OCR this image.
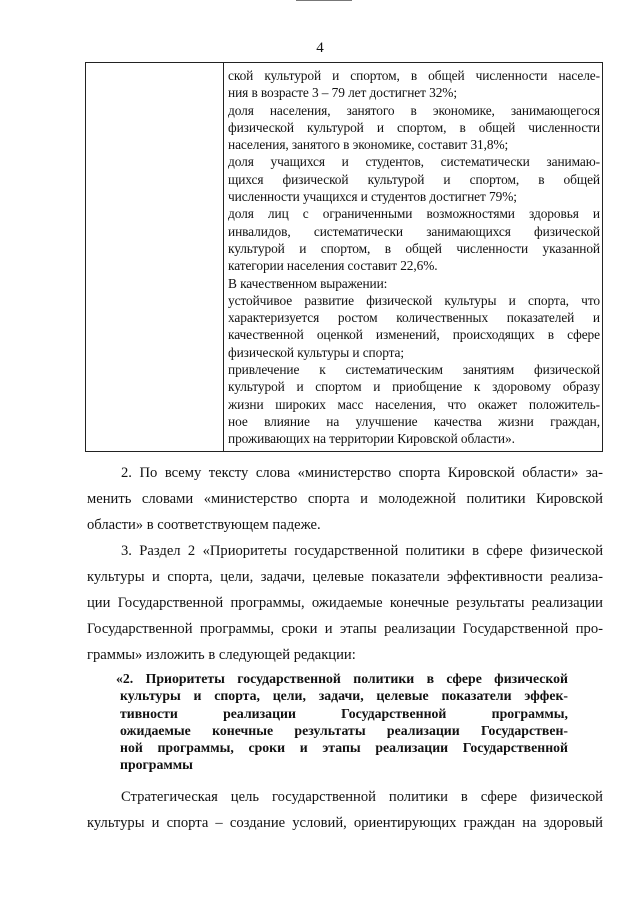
4
ской культурой и спортом, в общей численности населе-
ния в возрасте 3 – 79 лет достигнет 32%;
доля населения, занятого в экономике, занимающегося
физической культурой и спортом, в общей численности
населения, занятого в экономике, составит 31,8%;
доля учащихся и студентов, систематически занимаю-
щихся физической культурой и спортом, в общей
численности учащихся и студентов достигнет 79%;
доля лиц с ограниченными возможностями здоровья и
инвалидов, систематически занимающихся физической
культурой и спортом, в общей численности указанной
категории населения составит 22,6%.
В качественном выражении:
устойчивое развитие физической культуры и спорта, что
характеризуется ростом количественных показателей и
качественной оценкой изменений, происходящих в сфере
физической культуры и спорта;
привлечение к систематическим занятиям физической
культурой и спортом и приобщение к здоровому образу
жизни широких масс населения, что окажет положитель-
ное влияние на улучшение качества жизни граждан,
проживающих на территории Кировской области».
2. По всему тексту слова «министерство спорта Кировской области» за-
менить словами «министерство спорта и молодежной политики Кировской
области» в соответствующем падеже.
3. Раздел 2 «Приоритеты государственной политики в сфере физической
культуры и спорта, цели, задачи, целевые показатели эффективности реализа-
ции Государственной программы, ожидаемые конечные результаты реализации
Государственной программы, сроки и этапы реализации Государственной про-
граммы» изложить в следующей редакции:
«2. Приоритеты государственной политики в сфере физической
культуры и спорта, цели, задачи, целевые показатели эффек-
тивности реализации Государственной программы,
ожидаемые конечные результаты реализации Государствен-
ной программы, сроки и этапы реализации Государственной
программы
Стратегическая цель государственной политики в сфере физической
культуры и спорта – создание условий, ориентирующих граждан на здоровый
